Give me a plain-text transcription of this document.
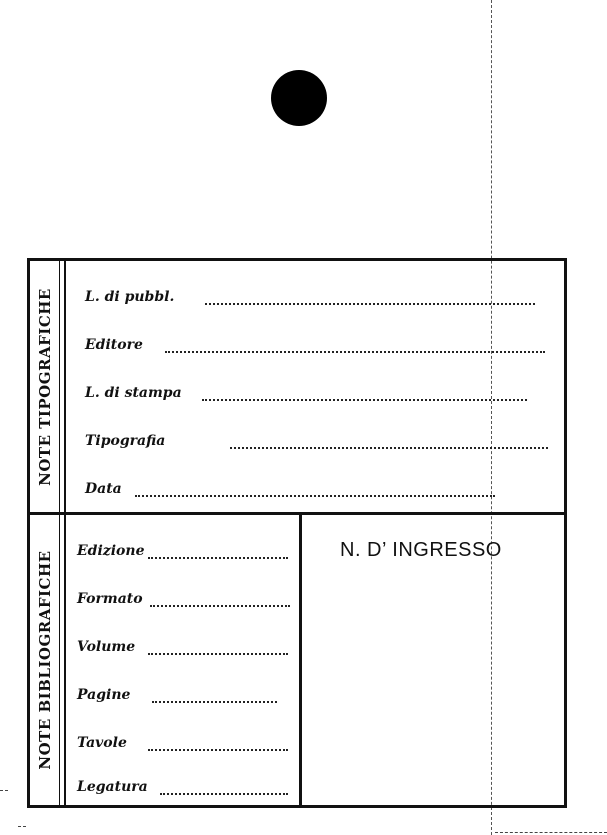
NOTE TIPOGRAFICHE L. di pubbl.
Editore
L. di stampa
Tipografia
Data
NOTE BIBLIOGRAFICHE Edizione
Formato
Volume
Pagine
Tavole
Legatura
N. D’ INGRESSO
